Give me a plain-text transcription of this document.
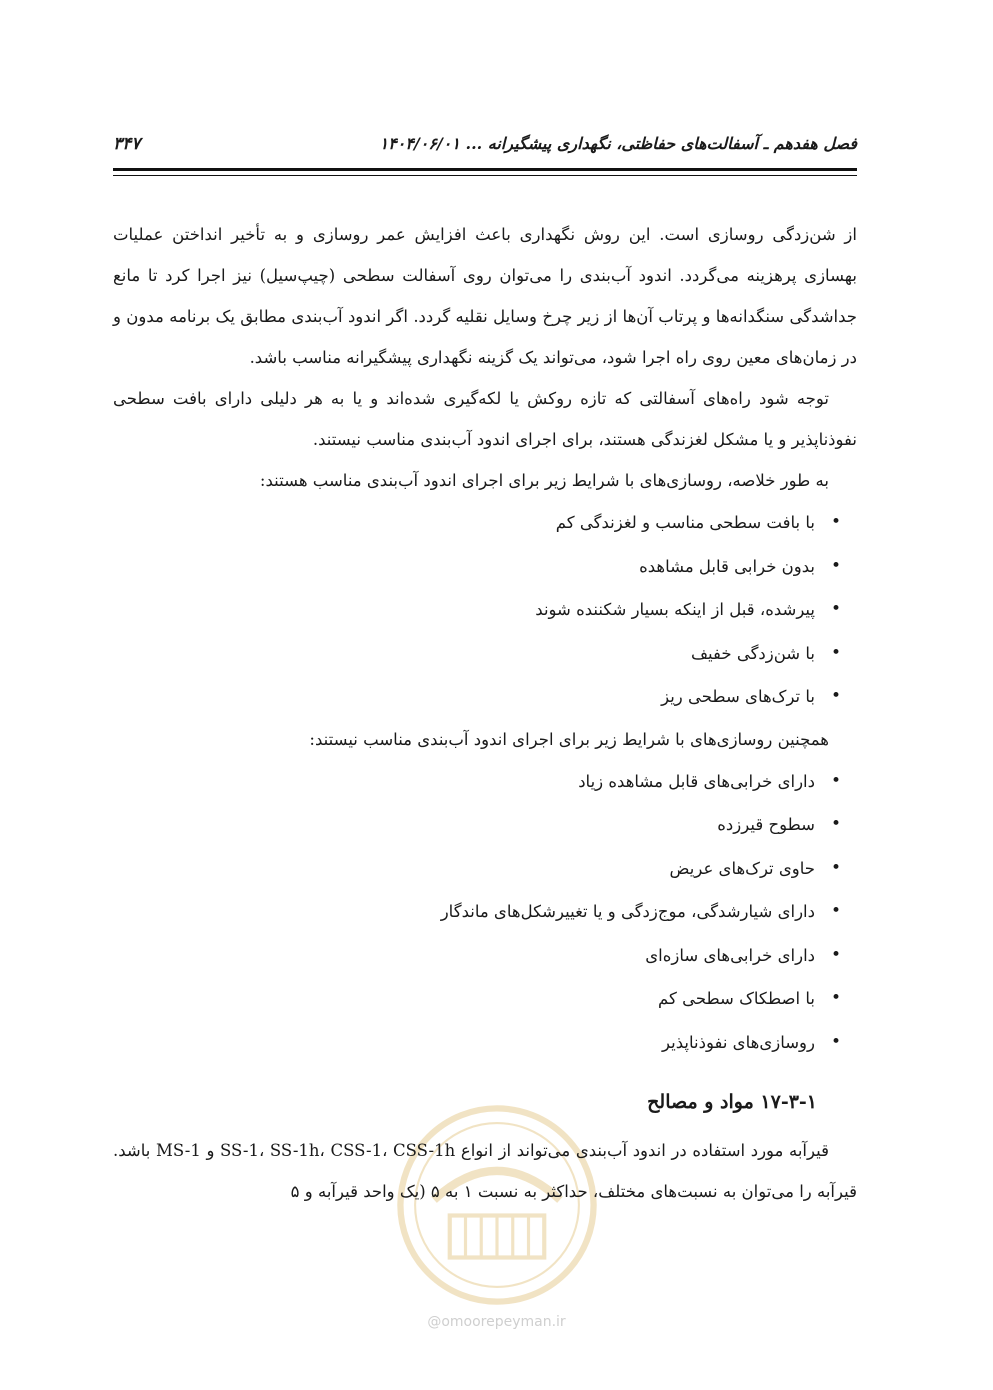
فصل هفدهم ـ آسفالت‌های حفاظتی، نگهداری پیشگیرانه ... ۱۴۰۴/۰۶/۰۱
۳۴۷

از شن‌زدگی روسازی است. این روش نگهداری باعث افزایش عمر روسازی و به تأخیر انداختن عملیات بهسازی پرهزینه می‌گردد. اندود آب‌بندی را می‌توان روی آسفالت سطحی (چیپ‌سیل) نیز اجرا کرد تا مانع جداشدگی سنگدانه‌ها و پرتاب آن‌ها از زیر چرخ وسایل نقلیه گردد. اگر اندود آب‌بندی مطابق یک برنامه مدون و در زمان‌های معین روی راه اجرا شود، می‌تواند یک گزینه نگهداری پیشگیرانه مناسب باشد.

توجه شود راه‌های آسفالتی که تازه روکش یا لکه‌گیری شده‌اند و یا به هر دلیلی دارای بافت سطحی نفوذناپذیر و یا مشکل لغزندگی هستند، برای اجرای اندود آب‌بندی مناسب نیستند.

به طور خلاصه، روسازی‌های با شرایط زیر برای اجرای اندود آب‌بندی مناسب هستند:

• با بافت سطحی مناسب و لغزندگی کم
• بدون خرابی قابل مشاهده
• پیرشده، قبل از اینکه بسیار شکننده شوند
• با شن‌زدگی خفیف
• با ترک‌های سطحی ریز

همچنین روسازی‌های با شرایط زیر برای اجرای اندود آب‌بندی مناسب نیستند:

• دارای خرابی‌های قابل مشاهده زیاد
• سطوح قیرزده
• حاوی ترک‌های عریض
• دارای شیارشدگی، موج‌زدگی و یا تغییرشکل‌های ماندگار
• دارای خرابی‌های سازه‌ای
• با اصطکاک سطحی کم
• روسازی‌های نفوذناپذیر
۱۷-۳-۱ مواد و مصالح

قیرآبه مورد استفاده در اندود آب‌بندی می‌تواند از انواع SS-1، SS-1h، CSS-1، CSS-1h و MS-1 باشد. قیرآبه را می‌توان به نسبت‌های مختلف، حداکثر به نسبت ۱ به ۵ (یک واحد قیرآبه و ۵

@omoorepeyman.ir
